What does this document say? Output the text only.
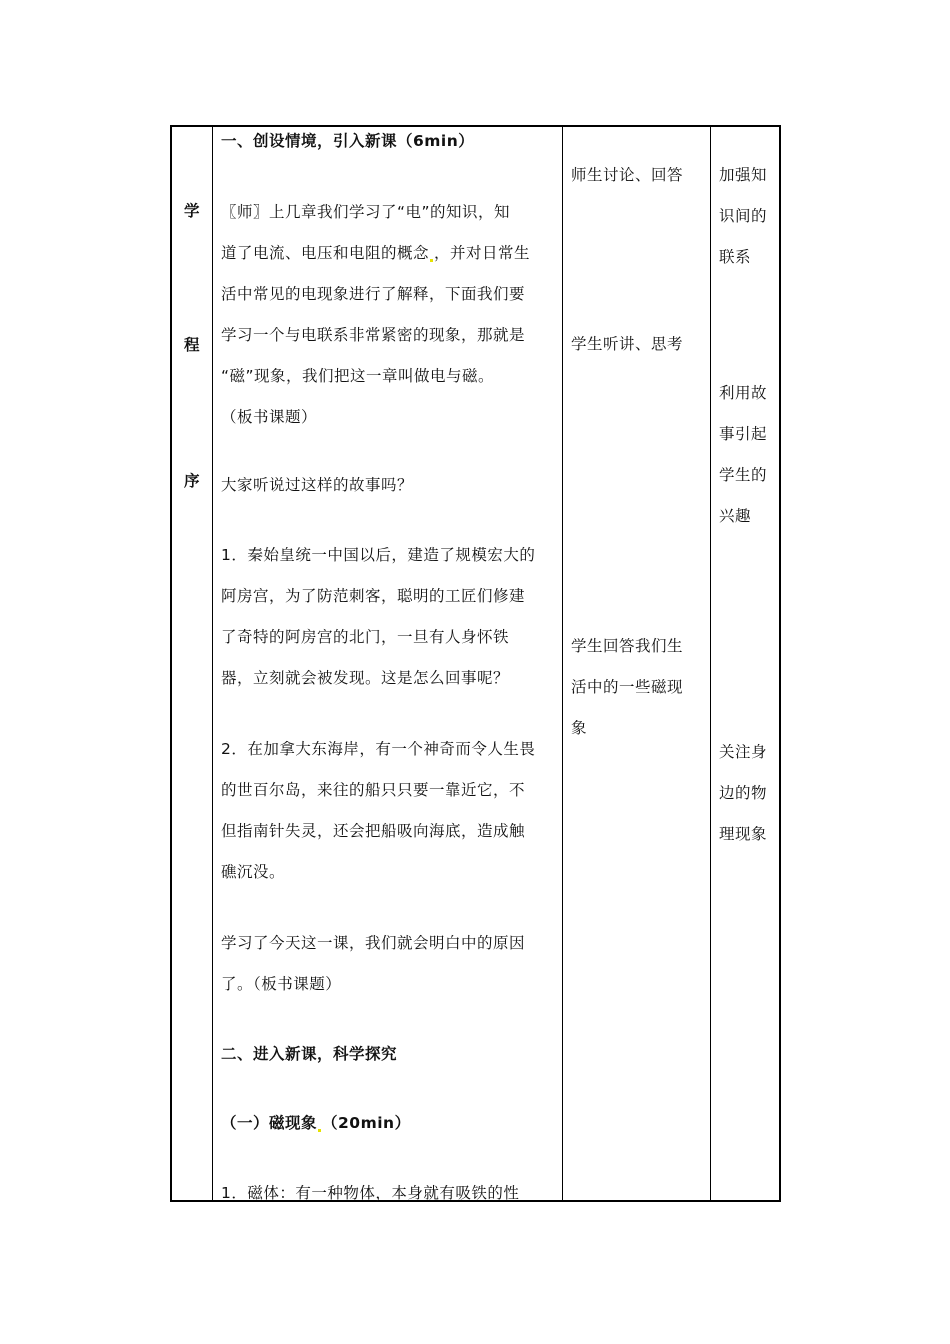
学
程
序
一、创设情境，引入新课（6min）
〖师〗上几章我们学习了“电”的知识，知
道了电流、电压和电阻的概念 ，并对日常生
活中常见的电现象进行了解释，下面我们要
学习一个与电联系非常紧密的现象，那就是
“磁”现象，我们把这一章叫做电与磁。
（板书课题）
大家听说过这样的故事吗？
1．秦始皇统一中国以后，建造了规模宏大的
阿房宫，为了防范刺客，聪明的工匠们修建
了奇特的阿房宫的北门，一旦有人身怀铁
器，立刻就会被发现。这是怎么回事呢？
2．在加拿大东海岸，有一个神奇而令人生畏
的世百尔岛，来往的船只只要一靠近它，不
但指南针失灵，还会把船吸向海底，造成触
礁沉没。
学习了今天这一课，我们就会明白中的原因
了。（板书课题）
二、进入新课，科学探究
（一）磁现象 （20min）
1．磁体：有一种物体，本身就有吸铁的性
师生讨论、回答
学生听讲、思考
学生回答我们生
活中的一些磁现
象
加强知
识间的
联系
利用故
事引起
学生的
兴趣
关注身
边的物
理现象
